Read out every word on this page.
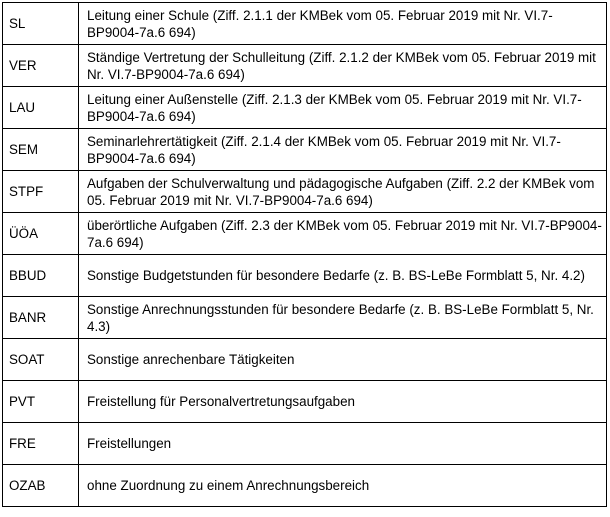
SL	Leitung einer Schule (Ziff. 2.1.1 der KMBek vom 05. Februar 2019 mit Nr. VI.7-BP9004-7a.6 694)
VER	Ständige Vertretung der Schulleitung (Ziff. 2.1.2 der KMBek vom 05. Februar 2019 mit Nr. VI.7-BP9004-7a.6 694)
LAU	Leitung einer Außenstelle (Ziff. 2.1.3 der KMBek vom 05. Februar 2019 mit Nr. VI.7-BP9004-7a.6 694)
SEM	Seminarlehrertätigkeit (Ziff. 2.1.4 der KMBek vom 05. Februar 2019 mit Nr. VI.7-BP9004-7a.6 694)
STPF	Aufgaben der Schulverwaltung und pädagogische Aufgaben (Ziff. 2.2 der KMBek vom 05. Februar 2019 mit Nr. VI.7-BP9004-7a.6 694)
ÜÖA	überörtliche Aufgaben (Ziff. 2.3 der KMBek vom 05. Februar 2019 mit Nr. VI.7-BP9004-7a.6 694)
BBUD	Sonstige Budgetstunden für besondere Bedarfe (z. B. BS-LeBe Formblatt 5, Nr. 4.2)
BANR	Sonstige Anrechnungsstunden für besondere Bedarfe (z. B. BS-LeBe Formblatt 5, Nr. 4.3)
SOAT	Sonstige anrechenbare Tätigkeiten
PVT	Freistellung für Personalvertretungsaufgaben
FRE	Freistellungen
OZAB	ohne Zuordnung zu einem Anrechnungsbereich
